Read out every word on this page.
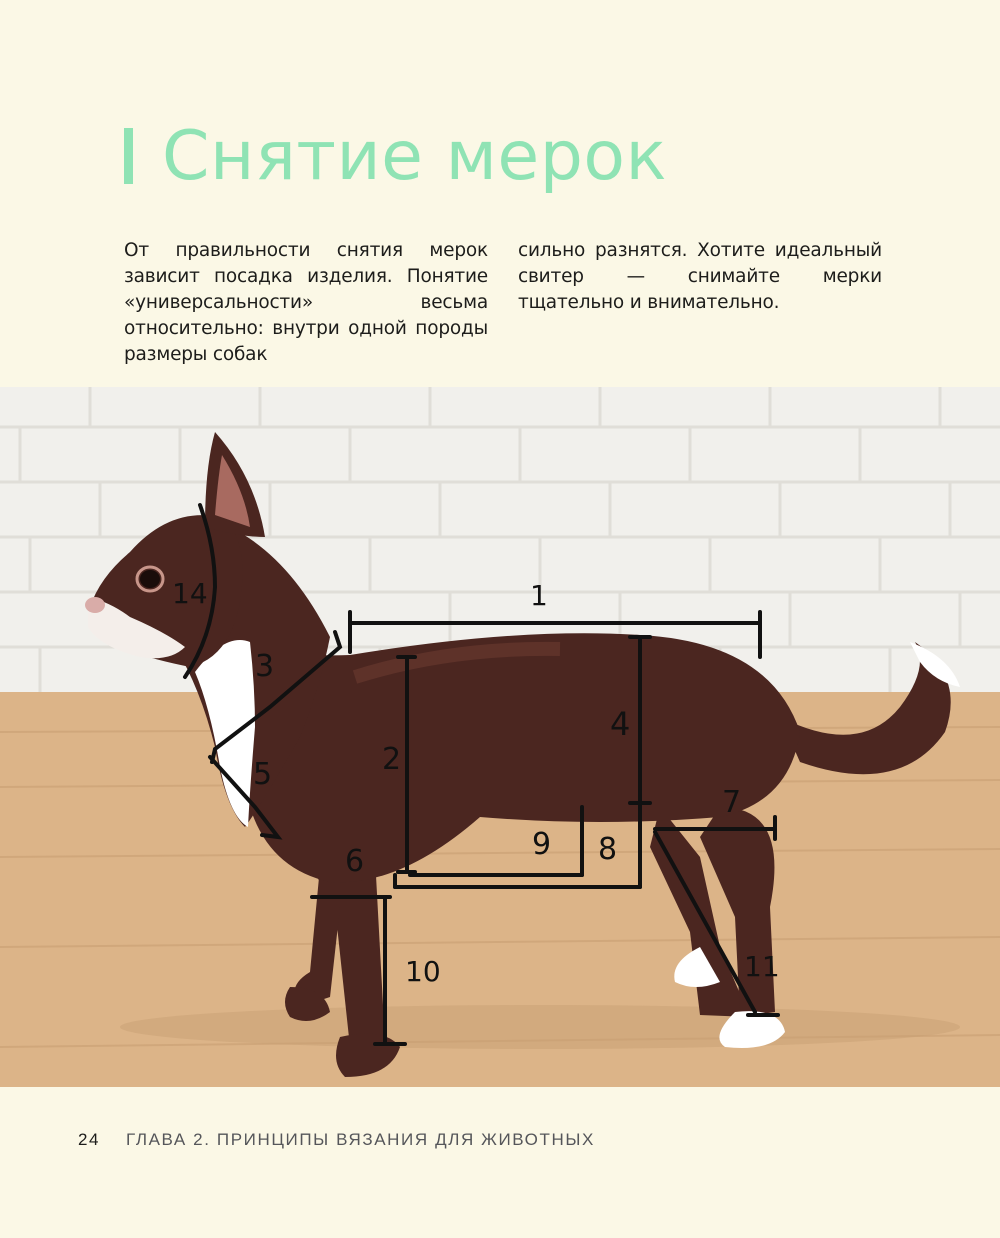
Снятие мерок

От правильности снятия мерок зависит посадка изделия. Понятие «универсальности» весьма относительно: внутри одной породы размеры собак

сильно разнятся. Хотите идеальный свитер — снимайте мерки тщательно и внимательно.

1
2
3
4
5
6
7
8
9
10	11
14
24 ГЛАВА 2. ПРИНЦИПЫ ВЯЗАНИЯ ДЛЯ ЖИВОТНЫХ
